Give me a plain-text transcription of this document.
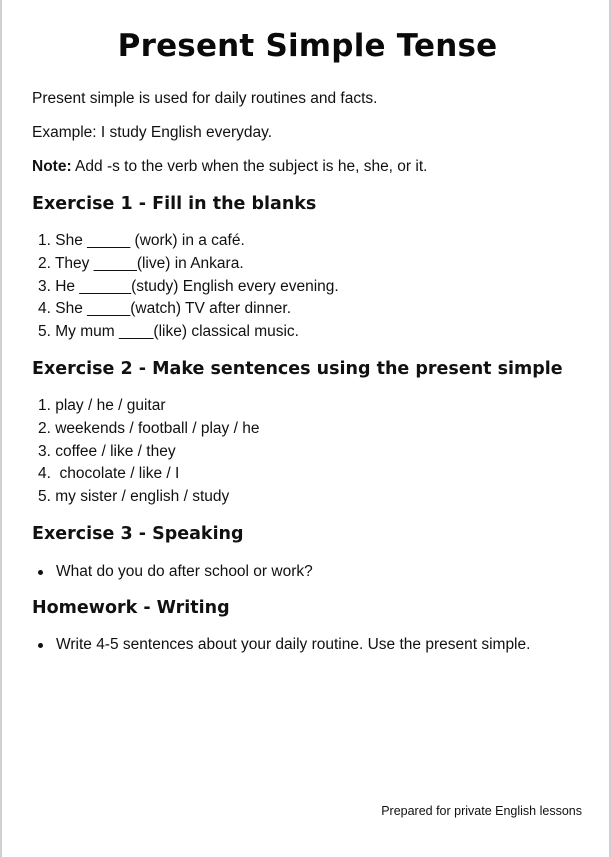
Present Simple Tense
Present simple is used for daily routines and facts.
Example: I study English everyday.
Note: Add -s to the verb when the subject is he, she, or it.
Exercise 1 - Fill in the blanks
1. She _____ (work) in a café.
2. They _____(live) in Ankara.
3. He ______(study) English every evening.
4. She _____(watch) TV after dinner.
5. My mum ____(like) classical music.
Exercise 2 - Make sentences using the present simple
1. play / he / guitar
2. weekends / football / play / he
3. coffee / like / they
4.  chocolate / like / I
5. my sister / english / study
Exercise 3 - Speaking
What do you do after school or work?
Homework - Writing
Write 4-5 sentences about your daily routine. Use the present simple.
Prepared for private English lessons
